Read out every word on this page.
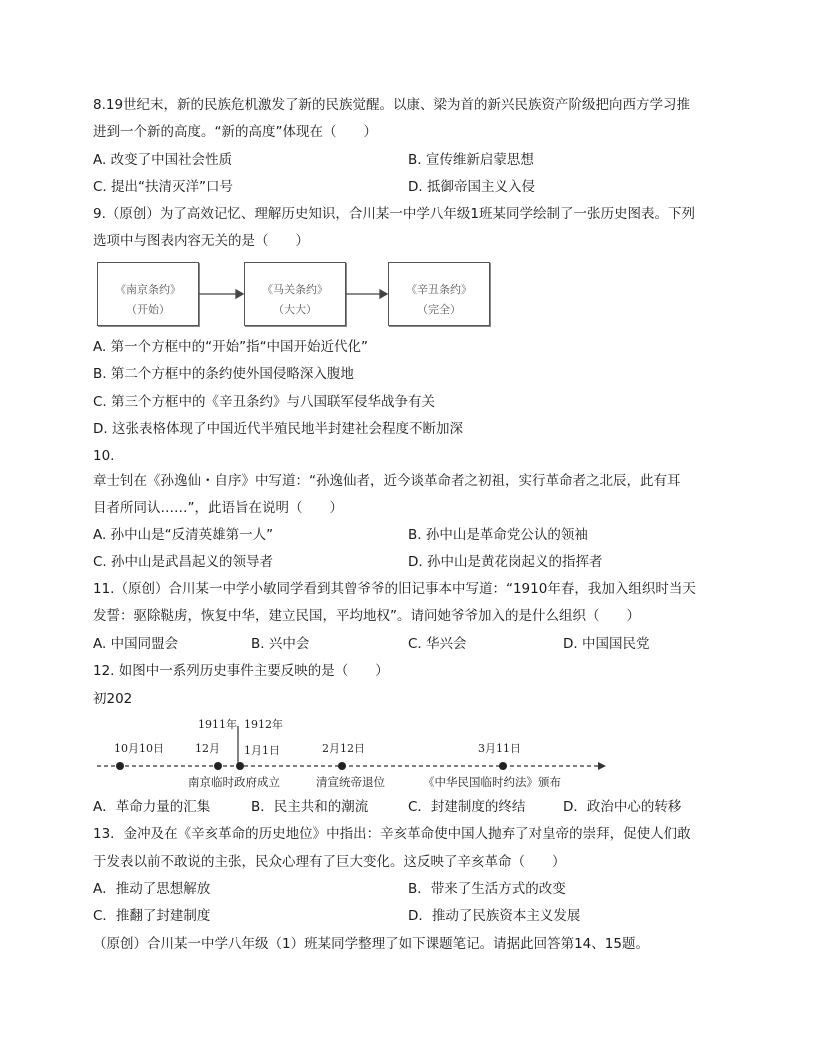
8.19世纪末，新的民族危机激发了新的民族觉醒。以康、梁为首的新兴民族资产阶级把向西方学习推
进到一个新的高度。“新的高度”体现在（　　）
A. 改变了中国社会性质	B. 宣传维新启蒙思想
C. 提出“扶清灭洋”口号	D. 抵御帝国主义入侵
9.（原创）为了高效记忆、理解历史知识，合川某一中学八年级1班某同学绘制了一张历史图表。下列
选项中与图表内容无关的是（　　）
《南京条约》
（开始）
《马关条约》
（大大）
《辛丑条约》
（完全）
A. 第一个方框中的“开始”指“中国开始近代化”
B. 第二个方框中的条约使外国侵略深入腹地
C. 第三个方框中的《辛丑条约》与八国联军侵华战争有关
D. 这张表格体现了中国近代半殖民地半封建社会程度不断加深
10.
章士钊在《孙逸仙・自序》中写道：“孙逸仙者，近今谈革命者之初祖，实行革命者之北辰，此有耳
目者所同认……”，此语旨在说明（　　）
A. 孙中山是“反清英雄第一人”	B. 孙中山是革命党公认的领袖
C. 孙中山是武昌起义的领导者	D. 孙中山是黄花岗起义的指挥者
11.（原创）合川某一中学小敏同学看到其曾爷爷的旧记事本中写道：“1910年春，我加入组织时当天
发誓：驱除鞑虏，恢复中华，建立民国，平均地权”。请问她爷爷加入的是什么组织（　　）
A. 中国同盟会	B. 兴中会	C. 华兴会	D. 中国国民党
12. 如图中一系列历史事件主要反映的是（　　）
初202
1911年 1912年
10月10日	12月 1月1日	2月12日	3月11日
南京临时政府成立	清宣统帝退位	《中华民国临时约法》颁布
A．革命力量的汇集	B．民主共和的潮流	C．封建制度的终结	D．政治中心的转移
13．金冲及在《辛亥革命的历史地位》中指出：辛亥革命使中国人抛弃了对皇帝的崇拜，促使人们敢
于发表以前不敢说的主张，民众心理有了巨大变化。这反映了辛亥革命（　　）
A．推动了思想解放	B．带来了生活方式的改变
C．推翻了封建制度	D．推动了民族资本主义发展
（原创）合川某一中学八年级（1）班某同学整理了如下课题笔记。请据此回答第14、15题。
